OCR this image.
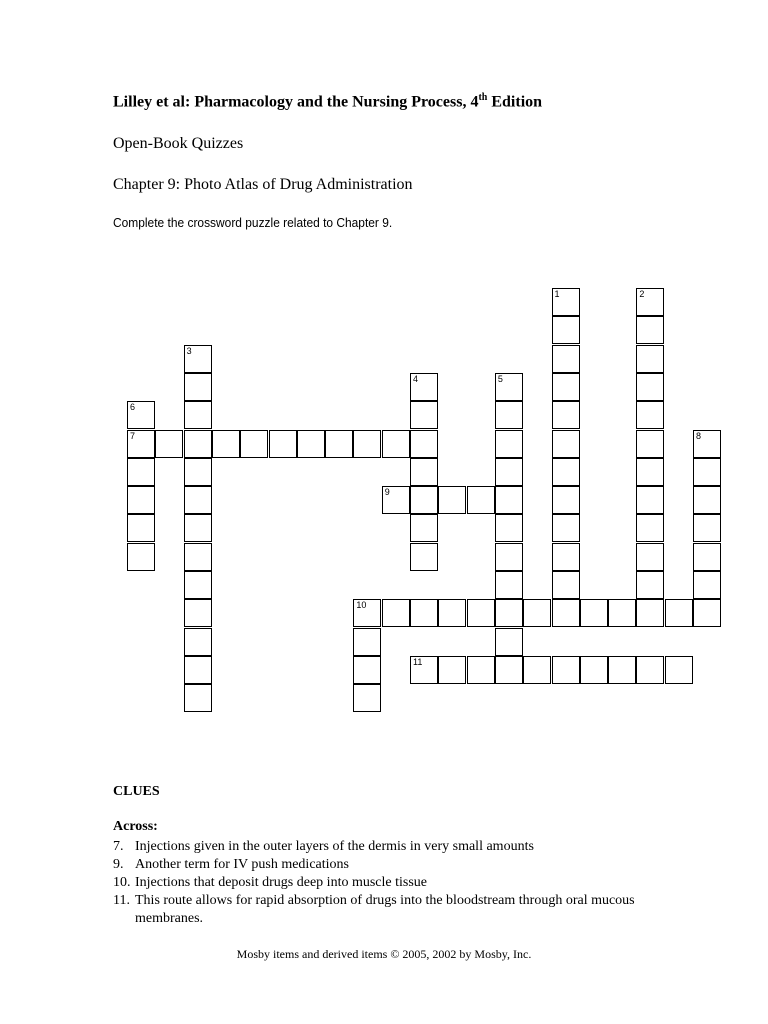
Lilley et al: Pharmacology and the Nursing Process, 4th Edition
Open-Book Quizzes
Chapter 9: Photo Atlas of Drug Administration
Complete the crossword puzzle related to Chapter 9.
1	2
3
4	5
6
7	8
9
10
11
CLUES
Across:
7. Injections given in the outer layers of the dermis in very small amounts
9. Another term for IV push medications
10. Injections that deposit drugs deep into muscle tissue
11. This route allows for rapid absorption of drugs into the bloodstream through oral mucous membranes.
Mosby items and derived items © 2005, 2002 by Mosby, Inc.
